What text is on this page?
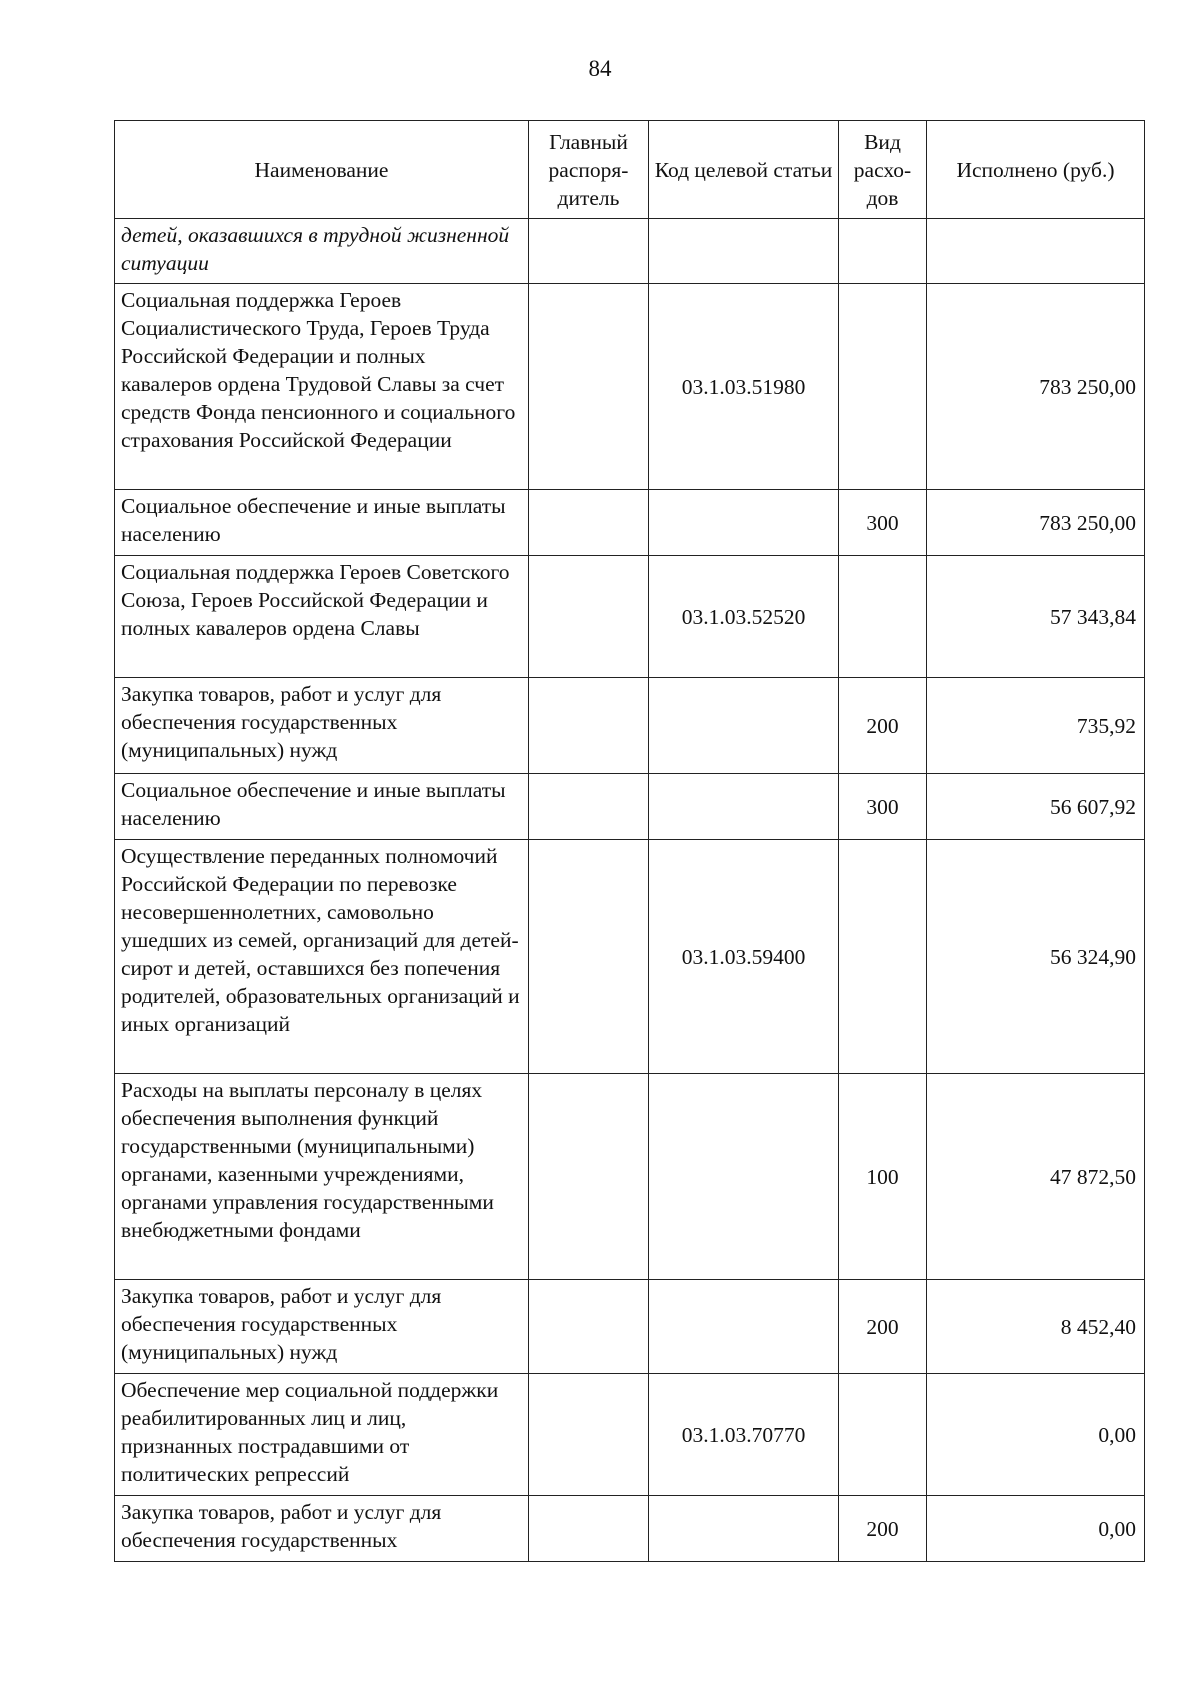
84
Наименование	Главный распоря-дитель	Код целевой статьи	Вид расхо-дов	Исполнено (руб.)
детей, оказавшихся в трудной жизненной ситуации				
Социальная поддержка Героев Социалистического Труда, Героев Труда Российской Федерации и полных кавалеров ордена Трудовой Славы за счет средств Фонда пенсионного и социального страхования Российской Федерации		03.1.03.51980		783 250,00
Социальное обеспечение и иные выплаты населению			300	783 250,00
Социальная поддержка Героев Советского Союза, Героев Российской Федерации и полных кавалеров ордена Славы		03.1.03.52520		57 343,84
Закупка товаров, работ и услуг для обеспечения государственных (муниципальных) нужд			200	735,92
Социальное обеспечение и иные выплаты населению			300	56 607,92
Осуществление переданных полномочий Российской Федерации по перевозке несовершеннолетних, самовольно ушедших из семей, организаций для детей-сирот и детей, оставшихся без попечения родителей, образовательных организаций и иных организаций		03.1.03.59400		56 324,90
Расходы на выплаты персоналу в целях обеспечения выполнения функций государственными (муниципальными) органами, казенными учреждениями, органами управления государственными внебюджетными фондами			100	47 872,50
Закупка товаров, работ и услуг для обеспечения государственных (муниципальных) нужд			200	8 452,40
Обеспечение мер социальной поддержки реабилитированных лиц и лиц, признанных пострадавшими от политических репрессий		03.1.03.70770		0,00
Закупка товаров, работ и услуг для обеспечения государственных			200	0,00
